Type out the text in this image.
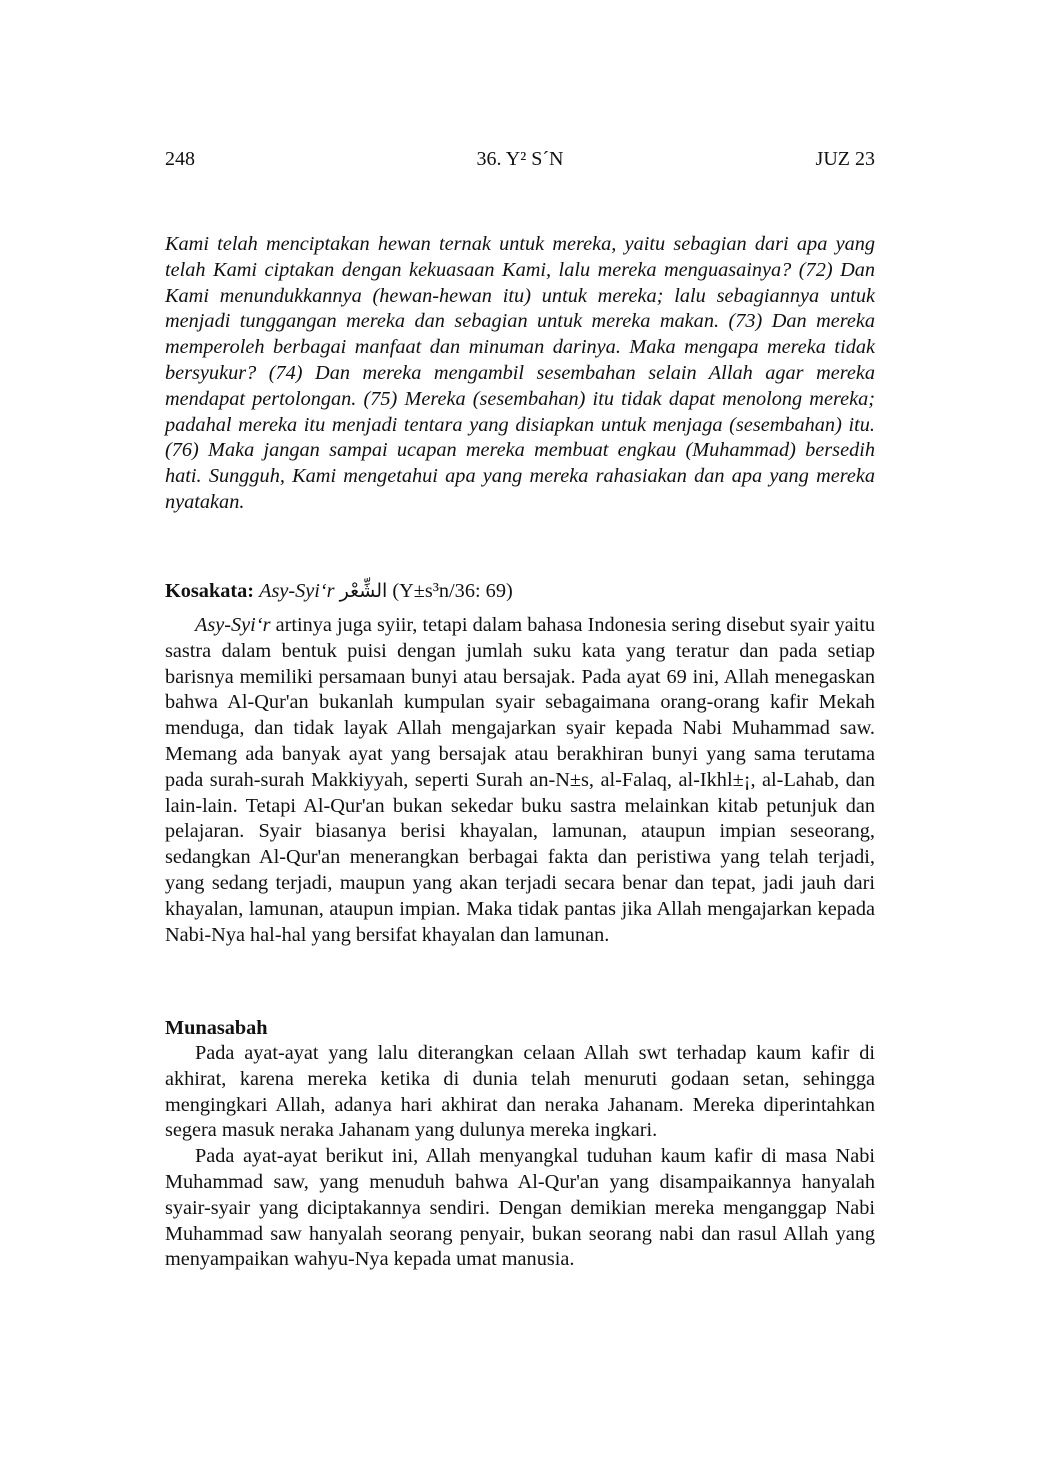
248	36. Y² S´N	JUZ 23

Kami telah menciptakan hewan ternak untuk mereka, yaitu sebagian dari apa yang telah Kami ciptakan dengan kekuasaan Kami, lalu mereka menguasainya? (72) Dan Kami menundukkannya (hewan-hewan itu) untuk mereka; lalu sebagiannya untuk menjadi tunggangan mereka dan sebagian untuk mereka makan. (73) Dan mereka memperoleh berbagai manfaat dan minuman darinya. Maka mengapa mereka tidak bersyukur? (74) Dan mereka mengambil sesembahan selain Allah agar mereka mendapat pertolongan. (75) Mereka (sesembahan) itu tidak dapat menolong mereka; padahal mereka itu menjadi tentara yang disiapkan untuk menjaga (sesembahan) itu. (76) Maka jangan sampai ucapan mereka membuat engkau (Muhammad) bersedih hati. Sungguh, Kami mengetahui apa yang mereka rahasiakan dan apa yang mereka nyatakan.

Kosakata: Asy-Syi‘r الشِّعْر (Y±s³n/36: 69)

Asy-Syi‘r artinya juga syiir, tetapi dalam bahasa Indonesia sering disebut syair yaitu sastra dalam bentuk puisi dengan jumlah suku kata yang teratur dan pada setiap barisnya memiliki persamaan bunyi atau bersajak. Pada ayat 69 ini, Allah menegaskan bahwa Al-Qur'an bukanlah kumpulan syair sebagaimana orang-orang kafir Mekah menduga, dan tidak layak Allah mengajarkan syair kepada Nabi Muhammad saw. Memang ada banyak ayat yang bersajak atau berakhiran bunyi yang sama terutama pada surah-surah Makkiyyah, seperti Surah an-N±s, al-Falaq, al-Ikhl±¡, al-Lahab, dan lain-lain. Tetapi Al-Qur'an bukan sekedar buku sastra melainkan kitab petunjuk dan pelajaran. Syair biasanya berisi khayalan, lamunan, ataupun impian seseorang, sedangkan Al-Qur'an menerangkan berbagai fakta dan peristiwa yang telah terjadi, yang sedang terjadi, maupun yang akan terjadi secara benar dan tepat, jadi jauh dari khayalan, lamunan, ataupun impian. Maka tidak pantas jika Allah mengajarkan kepada Nabi-Nya hal-hal yang bersifat khayalan dan lamunan.

Munasabah

Pada ayat-ayat yang lalu diterangkan celaan Allah swt terhadap kaum kafir di akhirat, karena mereka ketika di dunia telah menuruti godaan setan, sehingga mengingkari Allah, adanya hari akhirat dan neraka Jahanam. Mereka diperintahkan segera masuk neraka Jahanam yang dulunya mereka ingkari.

Pada ayat-ayat berikut ini, Allah menyangkal tuduhan kaum kafir di masa Nabi Muhammad saw, yang menuduh bahwa Al-Qur'an yang disampaikannya hanyalah syair-syair yang diciptakannya sendiri. Dengan demikian mereka menganggap Nabi Muhammad saw hanyalah seorang penyair, bukan seorang nabi dan rasul Allah yang menyampaikan wahyu-Nya kepada umat manusia.
